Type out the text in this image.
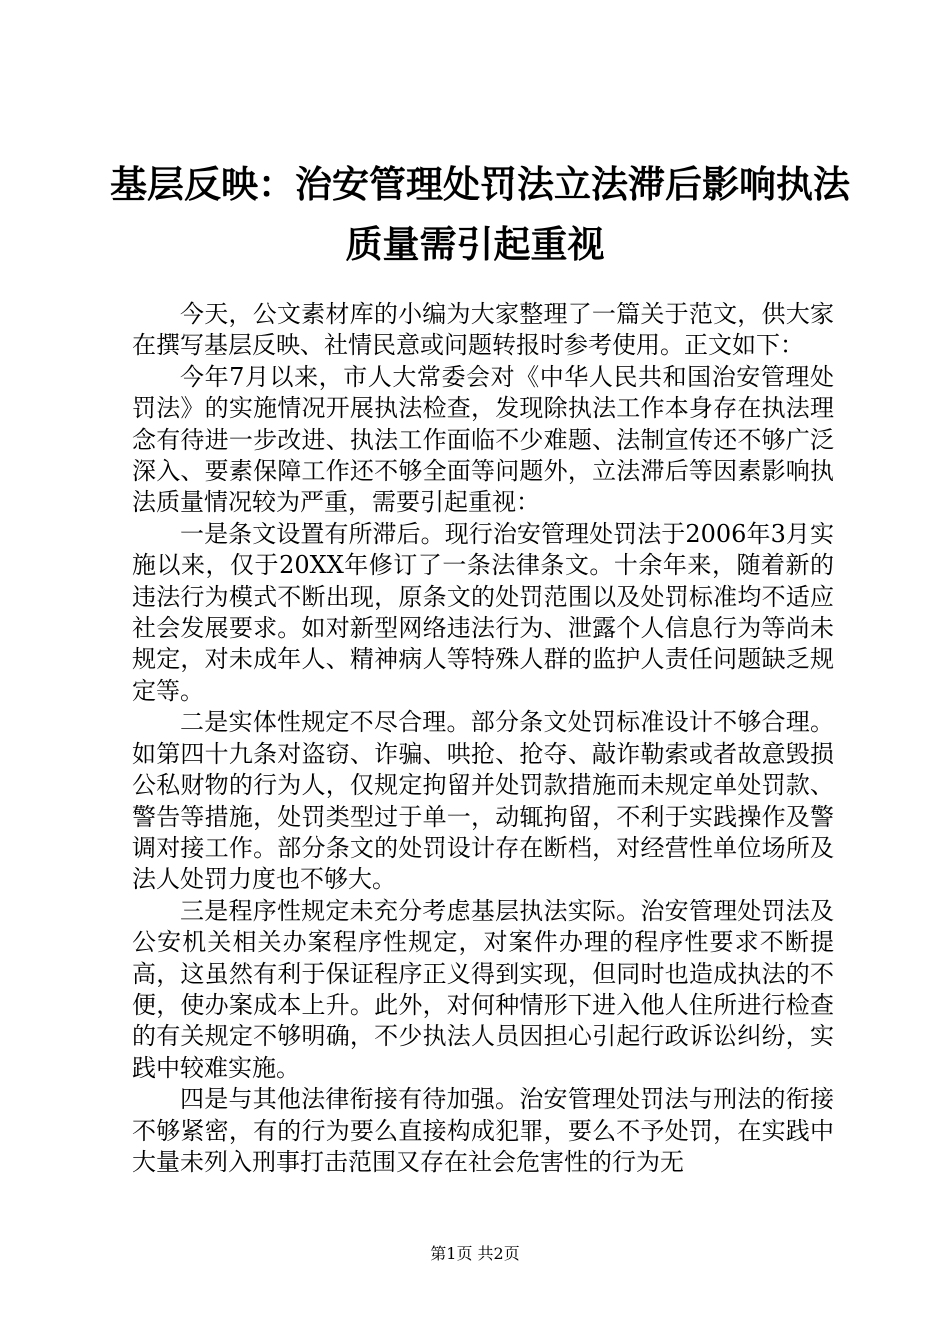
基层反映：治安管理处罚法立法滞后影响执法
质量需引起重视

今天，公文素材库的小编为大家整理了一篇关于范文，供大家在撰写基层反映、社情民意或问题转报时参考使用。正文如下：

今年7月以来，市人大常委会对《中华人民共和国治安管理处罚法》的实施情况开展执法检查，发现除执法工作本身存在执法理念有待进一步改进、执法工作面临不少难题、法制宣传还不够广泛深入、要素保障工作还不够全面等问题外，立法滞后等因素影响执法质量情况较为严重，需要引起重视：

一是条文设置有所滞后。现行治安管理处罚法于2006年3月实施以来，仅于20XX年修订了一条法律条文。十余年来，随着新的违法行为模式不断出现，原条文的处罚范围以及处罚标准均不适应社会发展要求。如对新型网络违法行为、泄露个人信息行为等尚未规定，对未成年人、精神病人等特殊人群的监护人责任问题缺乏规定等。

二是实体性规定不尽合理。部分条文处罚标准设计不够合理。如第四十九条对盗窃、诈骗、哄抢、抢夺、敲诈勒索或者故意毁损公私财物的行为人，仅规定拘留并处罚款措施而未规定单处罚款、警告等措施，处罚类型过于单一，动辄拘留，不利于实践操作及警调对接工作。部分条文的处罚设计存在断档，对经营性单位场所及法人处罚力度也不够大。

三是程序性规定未充分考虑基层执法实际。治安管理处罚法及公安机关相关办案程序性规定，对案件办理的程序性要求不断提高，这虽然有利于保证程序正义得到实现，但同时也造成执法的不便，使办案成本上升。此外，对何种情形下进入他人住所进行检查的有关规定不够明确，不少执法人员因担心引起行政诉讼纠纷，实践中较难实施。

四是与其他法律衔接有待加强。治安管理处罚法与刑法的衔接不够紧密，有的行为要么直接构成犯罪，要么不予处罚，在实践中大量未列入刑事打击范围又存在社会危害性的行为无

第1页 共2页
